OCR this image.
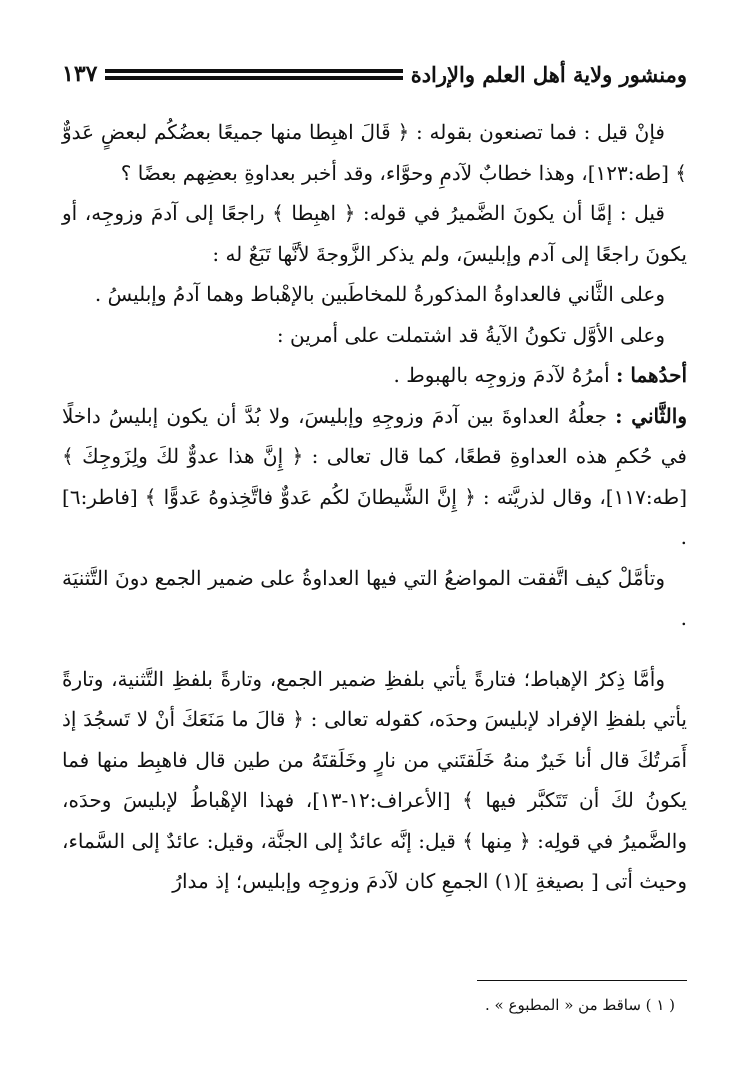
ومنشور ولاية أهل العلم والإرادة
١٣٧

فإنْ قيل : فما تصنعون بقوله : ﴿ قَالَ اهبِطا منها جميعًا بعضُكُم لبعضٍ عَدوٌّ ﴾ [طه:١٢٣]، وهذا خطابٌ لآدمِ وحوَّاء، وقد أخبر بعداوةِ بعضِهم بعضًا ؟

قيل : إمَّا أن يكونَ الضَّميرُ في قوله: ﴿ اهبِطا ﴾ راجعًا إلى آدمَ وزوجِه، أو يكونَ راجعًا إلى آدم وإبليسَ، ولم يذكر الزَّوجةَ لأنَّها تَبَعٌ له :

وعلى الثَّاني فالعداوةُ المذكورةُ للمخاطَبين بالإهْباط وهما آدمُ وإبليسُ .

وعلى الأوَّل تكونُ الآيةُ قد اشتملت على أمرين :

أحدُهما : أمرُهُ لآدمَ وزوجِه بالهبوط .

والثَّاني : جعلُهُ العداوةَ بين آدمَ وزوجِهِ وإبليسَ، ولا بُدَّ أن يكون إبليسُ داخلًا في حُكمِ هذه العداوةِ قطعًا، كما قال تعالى : ﴿ إِنَّ هذا عدوٌّ لكَ ولِزَوجِكَ ﴾ [طه:١١٧]، وقال لذريَّته : ﴿ إِنَّ الشَّيطانَ لكُم عَدوٌّ فاتَّخِذوهُ عَدوًّا ﴾ [فاطر:٦] .

وتأمَّلْ كيف اتَّفقت المواضعُ التي فيها العداوةُ على ضمير الجمع دونَ التَّثنيَة .

وأمَّا ذِكرُ الإهباط؛ فتارةً يأتي بلفظِ ضمير الجمع، وتارةً بلفظِ التَّثنية، وتارةً يأتي بلفظِ الإفراد لإبليسَ وحدَه، كقوله تعالى : ﴿ قالَ ما مَنَعَكَ أنْ لا تَسجُدَ إذ أَمَرتُكَ قال أنا خَيرٌ منهُ خَلَقتَني من نارٍ وخَلَقتَهُ من طين قال فاهبِط منها فما يكونُ لكَ أن تَتَكبَّر فيها ﴾ [الأعراف:١٢-١٣]، فهذا الإهْباطُ لإبليسَ وحدَه، والضَّميرُ في قولِه: ﴿ مِنها ﴾ قيل: إنَّه عائدٌ إلى الجنَّة، وقيل: عائدٌ إلى السَّماء، وحيث أتى [ بصيغةِ ](١) الجمعِ كان لآدمَ وزوجِه وإبليس؛ إذ مدارُ

( ١ ) ساقط من « المطبوع » .
